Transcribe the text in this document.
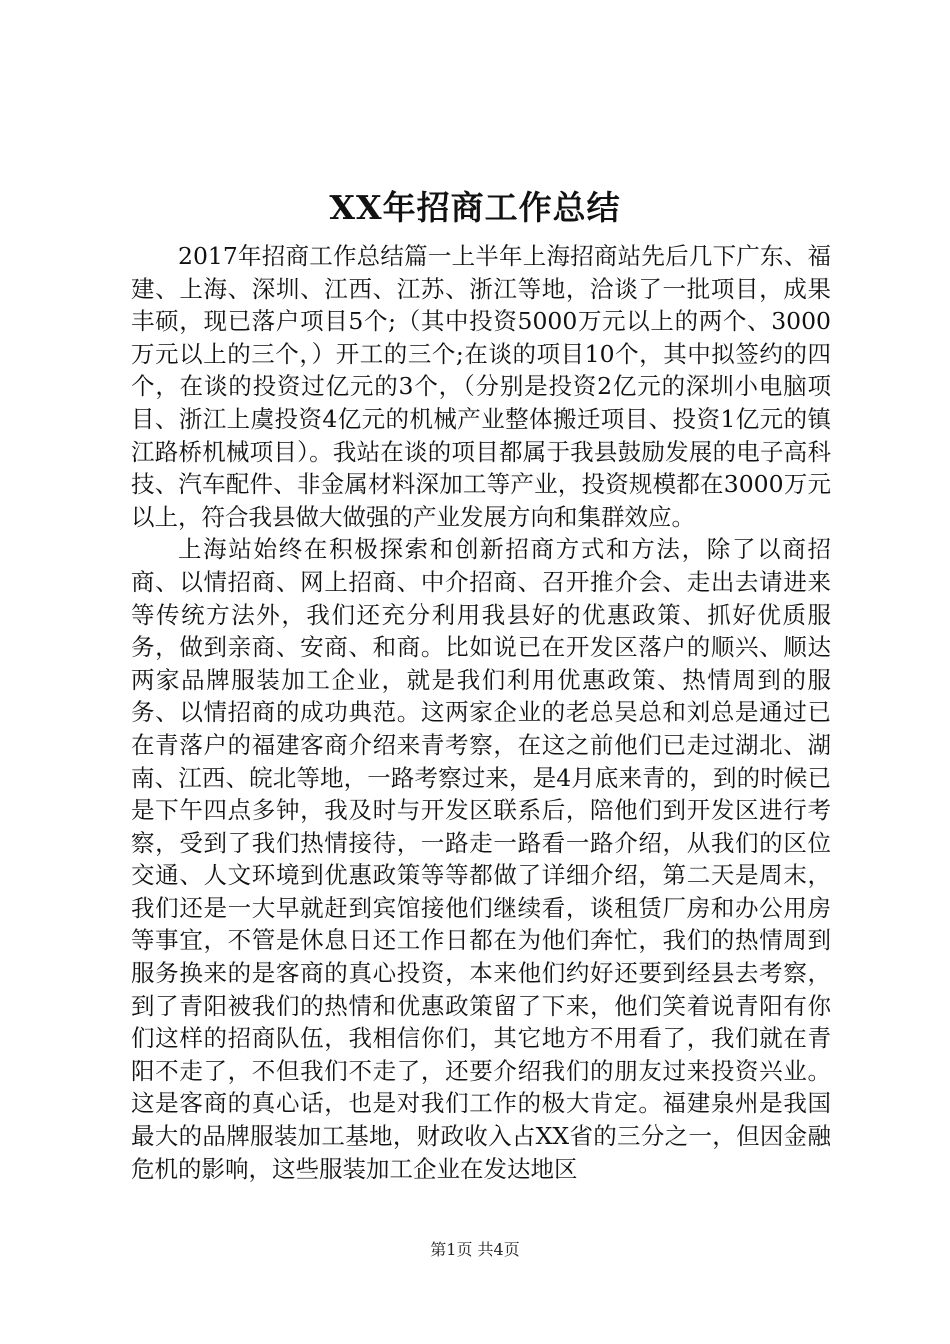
XX年招商工作总结

2017年招商工作总结篇一上半年上海招商站先后几下广东、福建、上海、深圳、江西、江苏、浙江等地，洽谈了一批项目，成果丰硕，现已落户项目5个;（其中投资5000万元以上的两个、3000万元以上的三个，）开工的三个;在谈的项目10个，其中拟签约的四个，在谈的投资过亿元的3个，（分别是投资2亿元的深圳小电脑项目、浙江上虞投资4亿元的机械产业整体搬迁项目、投资1亿元的镇江路桥机械项目）。我站在谈的项目都属于我县鼓励发展的电子高科技、汽车配件、非金属材料深加工等产业，投资规模都在3000万元以上，符合我县做大做强的产业发展方向和集群效应。

上海站始终在积极探索和创新招商方式和方法，除了以商招商、以情招商、网上招商、中介招商、召开推介会、走出去请进来等传统方法外，我们还充分利用我县好的优惠政策、抓好优质服务，做到亲商、安商、和商。比如说已在开发区落户的顺兴、顺达两家品牌服装加工企业，就是我们利用优惠政策、热情周到的服务、以情招商的成功典范。这两家企业的老总吴总和刘总是通过已在青落户的福建客商介绍来青考察，在这之前他们已走过湖北、湖南、江西、皖北等地，一路考察过来，是4月底来青的，到的时候已是下午四点多钟，我及时与开发区联系后，陪他们到开发区进行考察，受到了我们热情接待，一路走一路看一路介绍，从我们的区位交通、人文环境到优惠政策等等都做了详细介绍，第二天是周末，我们还是一大早就赶到宾馆接他们继续看，谈租赁厂房和办公用房等事宜，不管是休息日还工作日都在为他们奔忙，我们的热情周到服务换来的是客商的真心投资，本来他们约好还要到经县去考察，到了青阳被我们的热情和优惠政策留了下来，他们笑着说青阳有你们这样的招商队伍，我相信你们，其它地方不用看了，我们就在青阳不走了，不但我们不走了，还要介绍我们的朋友过来投资兴业。这是客商的真心话，也是对我们工作的极大肯定。福建泉州是我国最大的品牌服装加工基地，财政收入占XX省的三分之一，但因金融危机的影响，这些服装加工企业在发达地区

第1页 共4页
